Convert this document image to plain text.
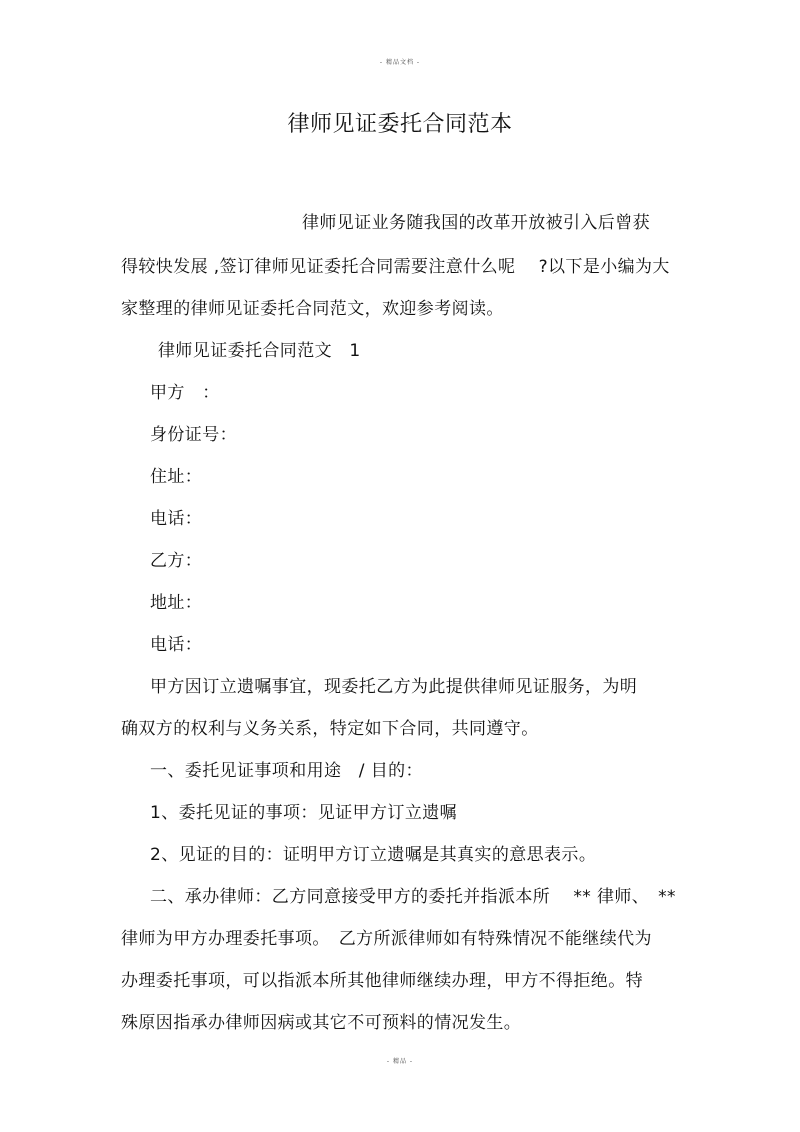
- 精品文档 -
律师见证委托合同范本
律师见证业务随我国的改革开放被引入后曾获
得较快发展 ,签订律师见证委托合同需要注意什么呢　 ?以下是小编为大
家整理的律师见证委托合同范文，欢迎参考阅读。
律师见证委托合同范文　1
甲方　：
身份证号：
住址：
电话：
乙方：
地址：
电话：
甲方因订立遗嘱事宜，现委托乙方为此提供律师见证服务，为明
确双方的权利与义务关系，特定如下合同，共同遵守。
一、委托见证事项和用途　/ 目的：
1、委托见证的事项：见证甲方订立遗嘱
2、见证的目的：证明甲方订立遗嘱是其真实的意思表示。
二、承办律师：乙方同意接受甲方的委托并指派本所　 ** 律师、　**
律师为甲方办理委托事项。　乙方所派律师如有特殊情况不能继续代为
办理委托事项，可以指派本所其他律师继续办理，甲方不得拒绝。特
殊原因指承办律师因病或其它不可预料的情况发生。
- 精品 -
